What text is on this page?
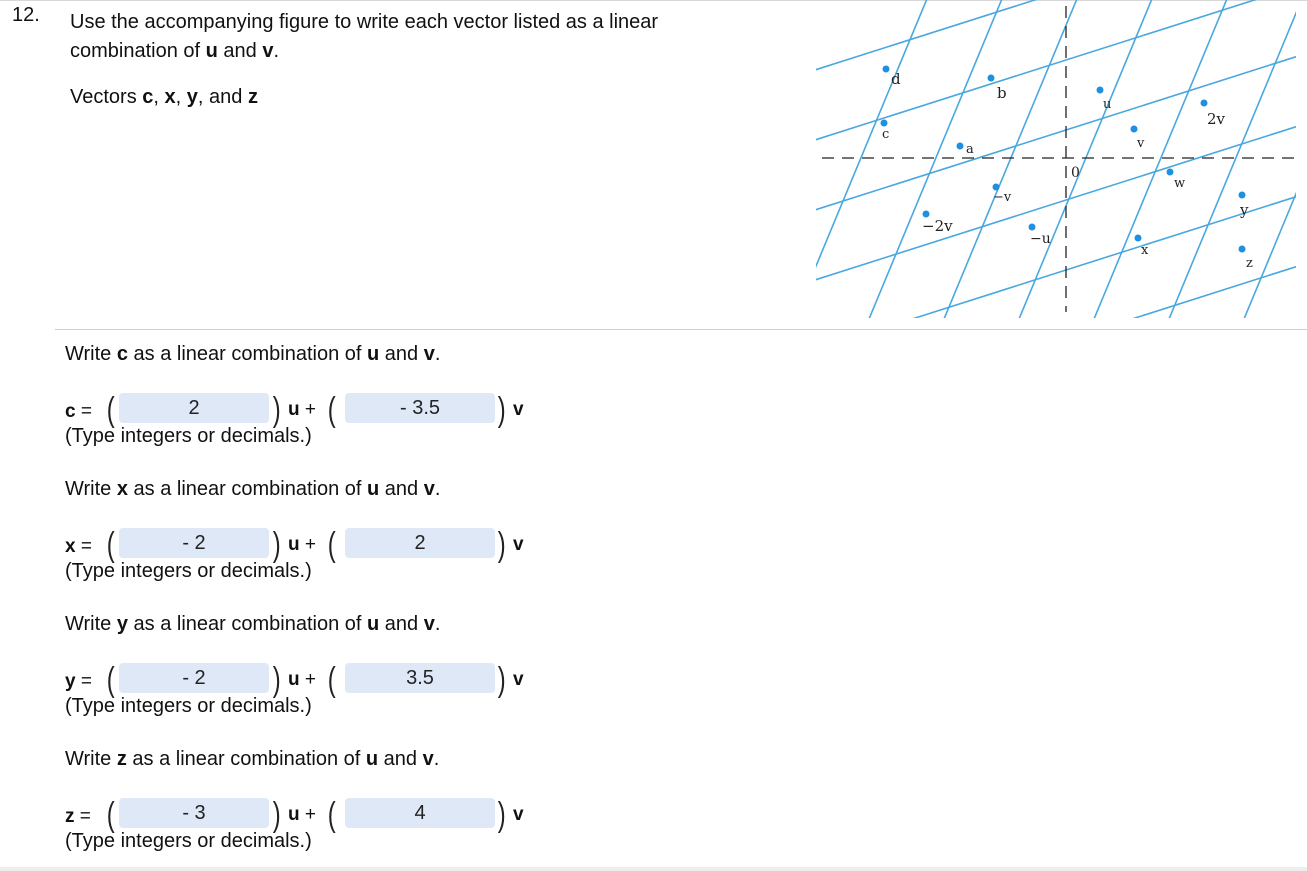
12. Use the accompanying figure to write each vector listed as a linear combination of u and v.
Vectors c, x, y, and z
d
c
b
a
u
v
2v
0
−v
w
y
−2v
−u
x
z
Write c as a linear combination of u and v.
c = (
2	) u + (
- 3.5	) v
(Type integers or decimals.)
Write x as a linear combination of u and v.
x = (
- 2	) u + (
2	) v
(Type integers or decimals.)
Write y as a linear combination of u and v.
y = (
- 2	) u + (
3.5	) v
(Type integers or decimals.)
Write z as a linear combination of u and v.
z = (
- 3	) u + (
4	) v
(Type integers or decimals.)
